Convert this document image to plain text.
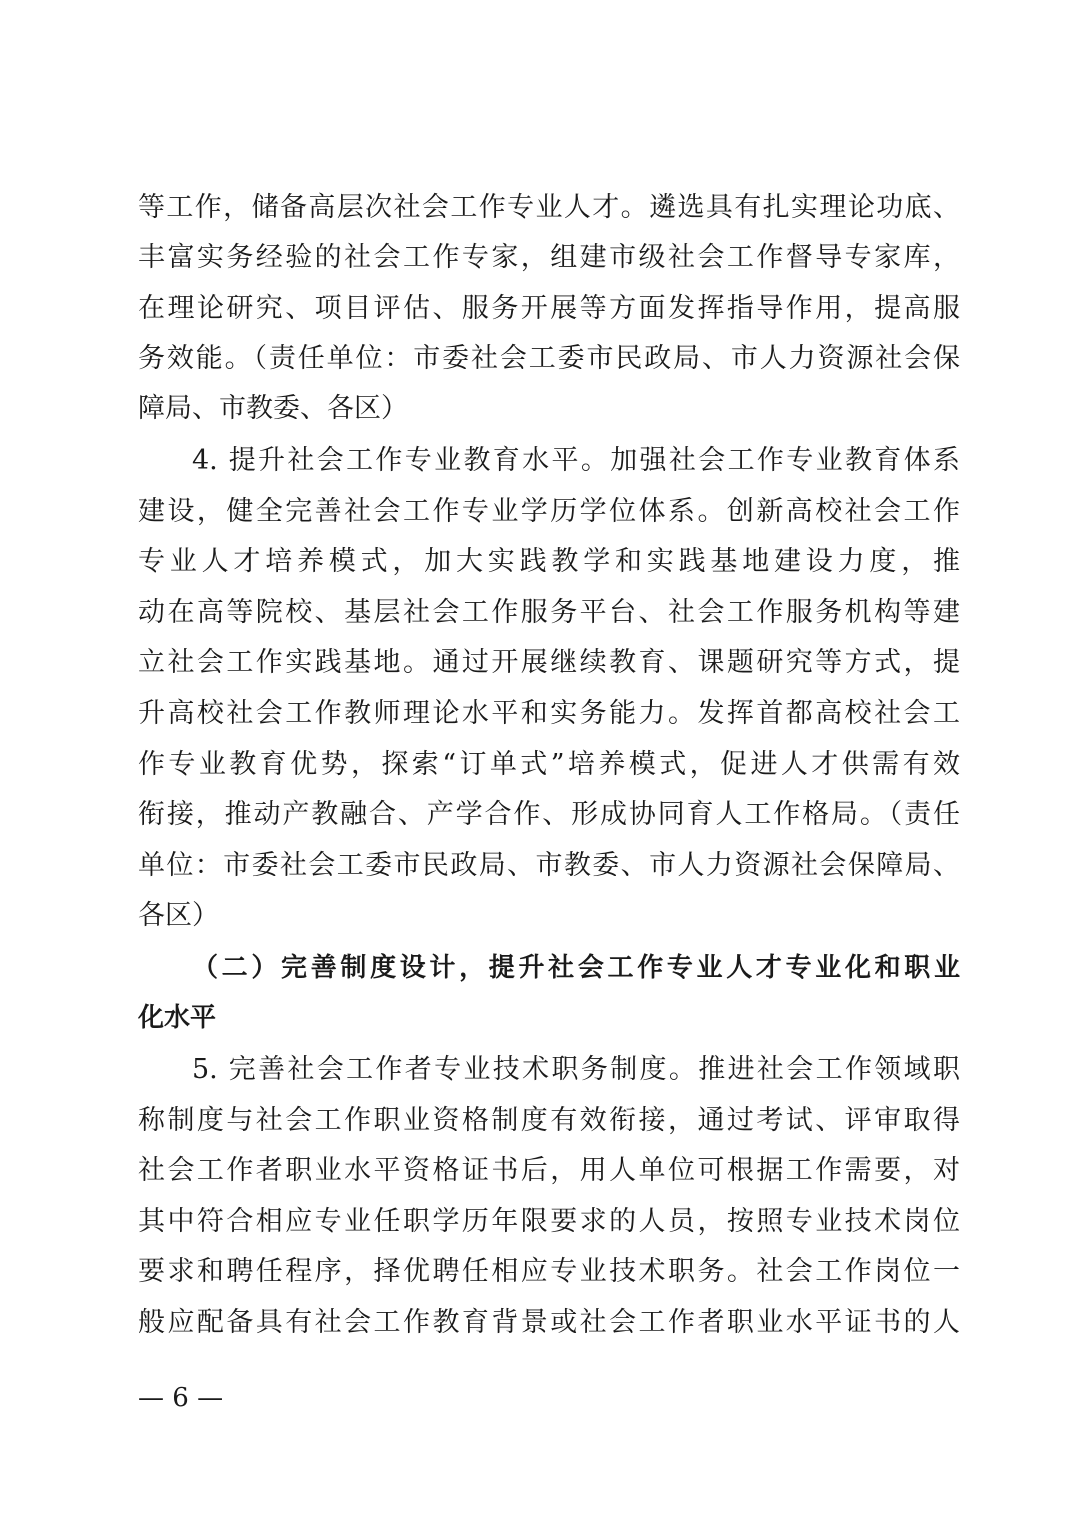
等工作，储备高层次社会工作专业人才。遴选具有扎实理论功底、
丰富实务经验的社会工作专家，组建市级社会工作督导专家库，
在理论研究、项目评估、服务开展等方面发挥指导作用，提高服
务效能。（责任单位：市委社会工委市民政局、市人力资源社会保
障局、市教委、各区）
4. 提升社会工作专业教育水平。加强社会工作专业教育体系
建设，健全完善社会工作专业学历学位体系。创新高校社会工作
专业人才培养模式，加大实践教学和实践基地建设力度，推
动在高等院校、基层社会工作服务平台、社会工作服务机构等建
立社会工作实践基地。通过开展继续教育、课题研究等方式，提
升高校社会工作教师理论水平和实务能力。发挥首都高校社会工
作专业教育优势，探索“订单式”培养模式，促进人才供需有效
衔接，推动产教融合、产学合作、形成协同育人工作格局。（责任
单位：市委社会工委市民政局、市教委、市人力资源社会保障局、
各区）
（二）完善制度设计，提升社会工作专业人才专业化和职业
化水平
5. 完善社会工作者专业技术职务制度。推进社会工作领域职
称制度与社会工作职业资格制度有效衔接，通过考试、评审取得
社会工作者职业水平资格证书后，用人单位可根据工作需要，对
其中符合相应专业任职学历年限要求的人员，按照专业技术岗位
要求和聘任程序，择优聘任相应专业技术职务。社会工作岗位一
般应配备具有社会工作教育背景或社会工作者职业水平证书的人
— 6 —
